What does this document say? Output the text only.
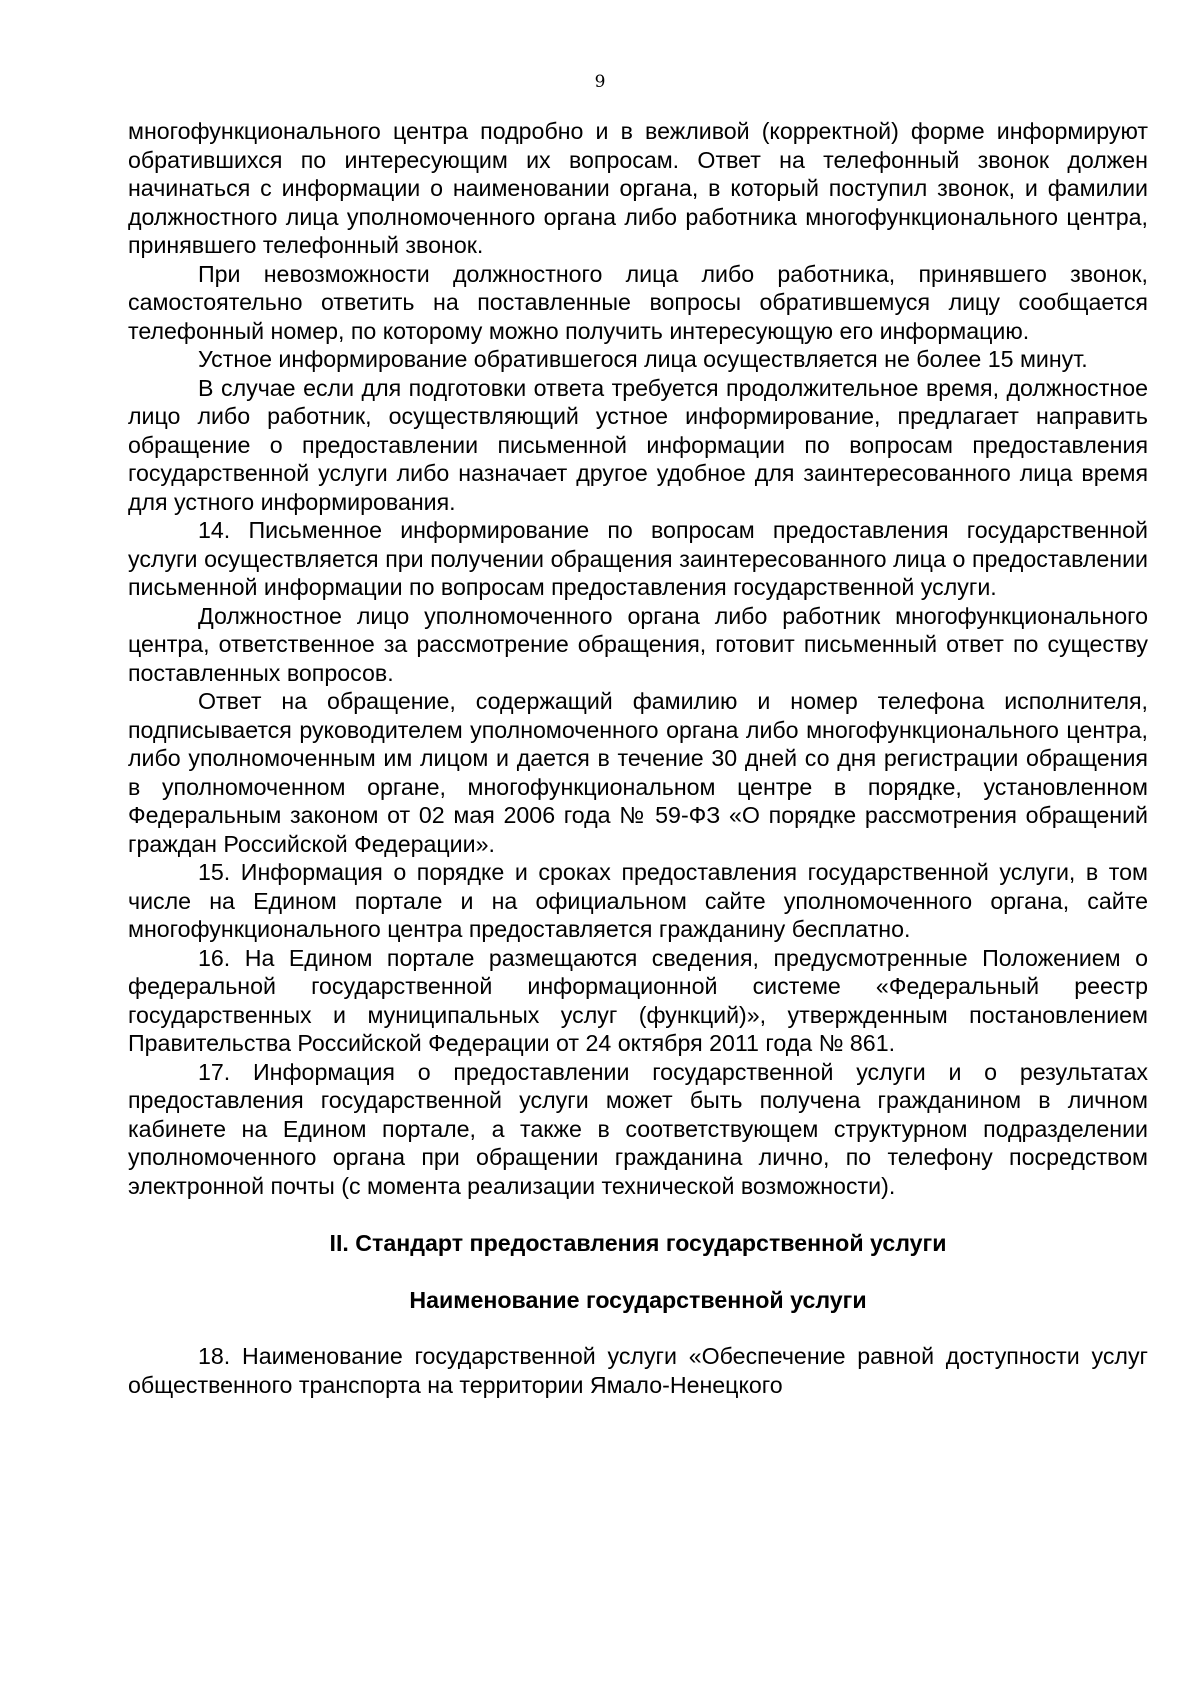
9

многофункционального центра подробно и в вежливой (корректной) форме информируют обратившихся по интересующим их вопросам. Ответ на телефонный звонок должен начинаться с информации о наименовании органа, в который поступил звонок, и фамилии должностного лица уполномоченного органа либо работника многофункционального центра, принявшего телефонный звонок.

При невозможности должностного лица либо работника, принявшего звонок, самостоятельно ответить на поставленные вопросы обратившемуся лицу сообщается телефонный номер, по которому можно получить интересующую его информацию.

Устное информирование обратившегося лица осуществляется не более 15 минут.

В случае если для подготовки ответа требуется продолжительное время, должностное лицо либо работник, осуществляющий устное информирование, предлагает направить обращение о предоставлении письменной информации по вопросам предоставления государственной услуги либо назначает другое удобное для заинтересованного лица время для устного информирования.

14. Письменное информирование по вопросам предоставления государственной услуги осуществляется при получении обращения заинтересованного лица о предоставлении письменной информации по вопросам предоставления государственной услуги.

Должностное лицо уполномоченного органа либо работник многофункционального центра, ответственное за рассмотрение обращения, готовит письменный ответ по существу поставленных вопросов.

Ответ на обращение, содержащий фамилию и номер телефона исполнителя, подписывается руководителем уполномоченного органа либо многофункционального центра, либо уполномоченным им лицом и дается в течение 30 дней со дня регистрации обращения в уполномоченном органе, многофункциональном центре в порядке, установленном Федеральным законом от 02 мая 2006 года № 59-ФЗ «О порядке рассмотрения обращений граждан Российской Федерации».

15. Информация о порядке и сроках предоставления государственной услуги, в том числе на Едином портале и на официальном сайте уполномоченного органа, сайте многофункционального центра предоставляется гражданину бесплатно.

16. На Едином портале размещаются сведения, предусмотренные Положением о федеральной государственной информационной системе «Федеральный реестр государственных и муниципальных услуг (функций)», утвержденным постановлением Правительства Российской Федерации от 24 октября 2011 года № 861.

17. Информация о предоставлении государственной услуги и о результатах предоставления государственной услуги может быть получена гражданином в личном кабинете на Едином портале, а также в соответствующем структурном подразделении уполномоченного органа при обращении гражданина лично, по телефону посредством электронной почты (с момента реализации технической возможности).

II. Стандарт предоставления государственной услуги

Наименование государственной услуги

18. Наименование государственной услуги «Обеспечение равной доступности услуг общественного транспорта на территории Ямало-Ненецкого
